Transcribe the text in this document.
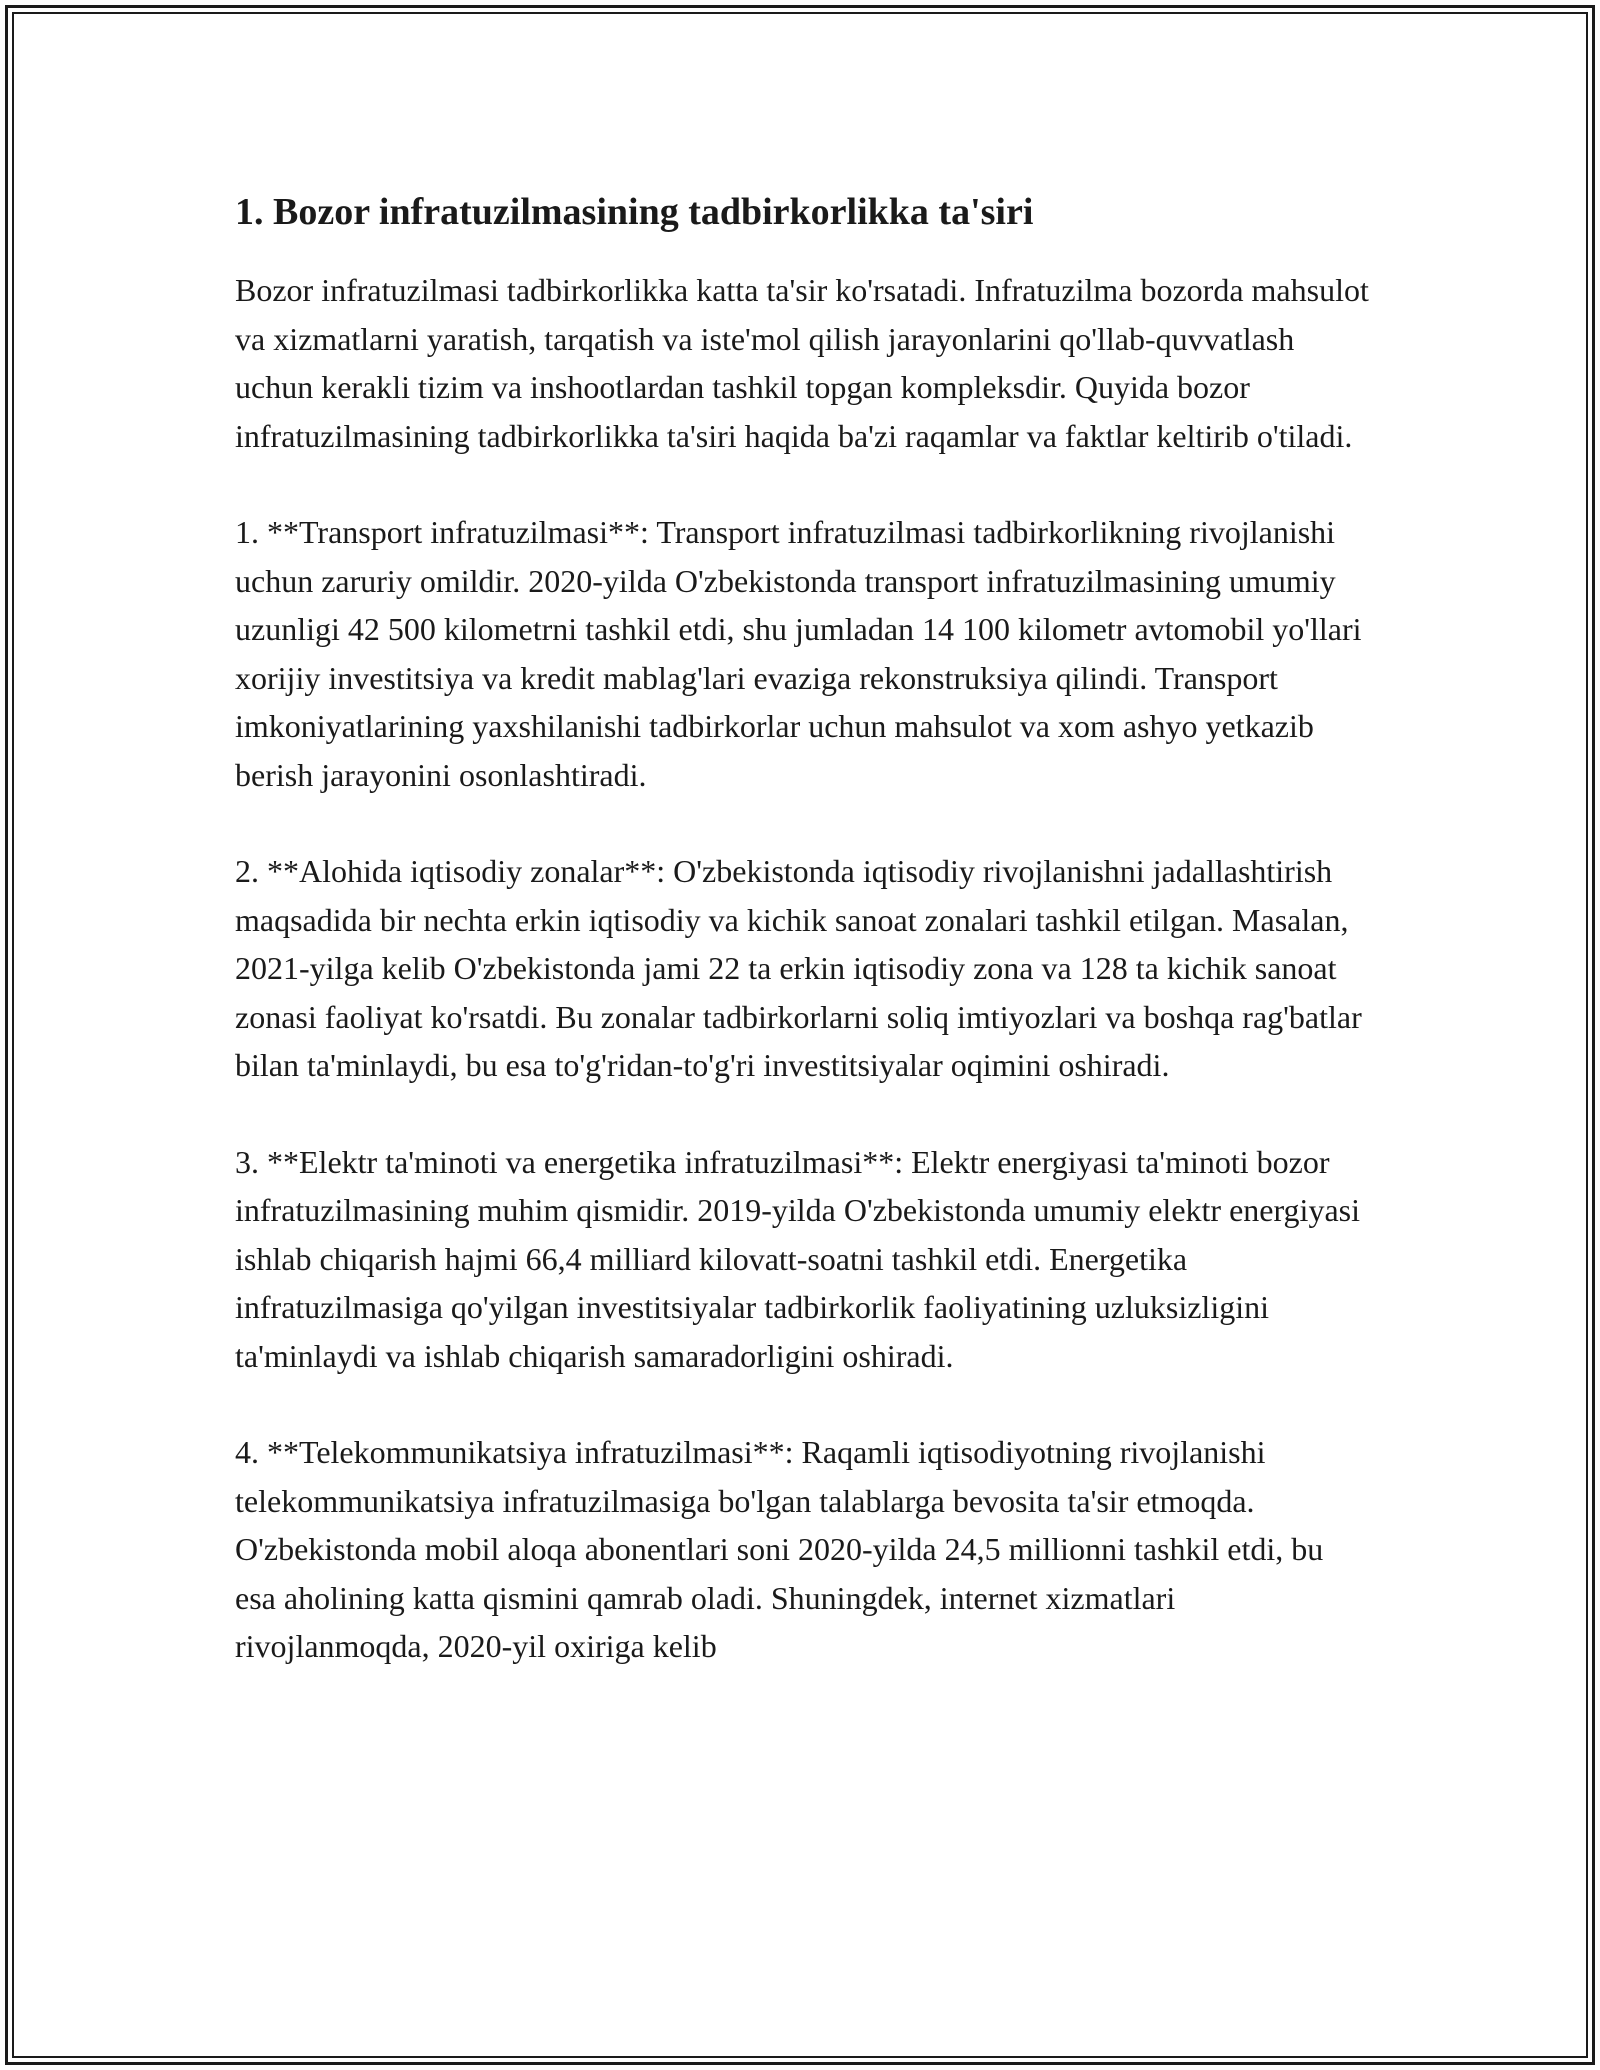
1. Bozor infratuzilmasining tadbirkorlikka ta'siri

Bozor infratuzilmasi tadbirkorlikka katta ta'sir ko'rsatadi. Infratuzilma bozorda mahsulot va xizmatlarni yaratish, tarqatish va iste'mol qilish jarayonlarini qo'llab-quvvatlash uchun kerakli tizim va inshootlardan tashkil topgan kompleksdir. Quyida bozor infratuzilmasining tadbirkorlikka ta'siri haqida ba'zi raqamlar va faktlar keltirib o'tiladi.

1. **Transport infratuzilmasi**: Transport infratuzilmasi tadbirkorlikning rivojlanishi uchun zaruriy omildir. 2020-yilda O'zbekistonda transport infratuzilmasining umumiy uzunligi 42 500 kilometrni tashkil etdi, shu jumladan 14 100 kilometr avtomobil yo'llari xorijiy investitsiya va kredit mablag'lari evaziga rekonstruksiya qilindi. Transport imkoniyatlarining yaxshilanishi tadbirkorlar uchun mahsulot va xom ashyo yetkazib berish jarayonini osonlashtiradi.

2. **Alohida iqtisodiy zonalar**: O'zbekistonda iqtisodiy rivojlanishni jadallashtirish maqsadida bir nechta erkin iqtisodiy va kichik sanoat zonalari tashkil etilgan. Masalan, 2021-yilga kelib O'zbekistonda jami 22 ta erkin iqtisodiy zona va 128 ta kichik sanoat zonasi faoliyat ko'rsatdi. Bu zonalar tadbirkorlarni soliq imtiyozlari va boshqa rag'batlar bilan ta'minlaydi, bu esa to'g'ridan-to'g'ri investitsiyalar oqimini oshiradi.

3. **Elektr ta'minoti va energetika infratuzilmasi**: Elektr energiyasi ta'minoti bozor infratuzilmasining muhim qismidir. 2019-yilda O'zbekistonda umumiy elektr energiyasi ishlab chiqarish hajmi 66,4 milliard kilovatt-soatni tashkil etdi. Energetika infratuzilmasiga qo'yilgan investitsiyalar tadbirkorlik faoliyatining uzluksizligini ta'minlaydi va ishlab chiqarish samaradorligini oshiradi.

4. **Telekommunikatsiya infratuzilmasi**: Raqamli iqtisodiyotning rivojlanishi telekommunikatsiya infratuzilmasiga bo'lgan talablarga bevosita ta'sir etmoqda. O'zbekistonda mobil aloqa abonentlari soni 2020-yilda 24,5 millionni tashkil etdi, bu esa aholining katta qismini qamrab oladi. Shuningdek, internet xizmatlari rivojlanmoqda, 2020-yil oxiriga kelib
